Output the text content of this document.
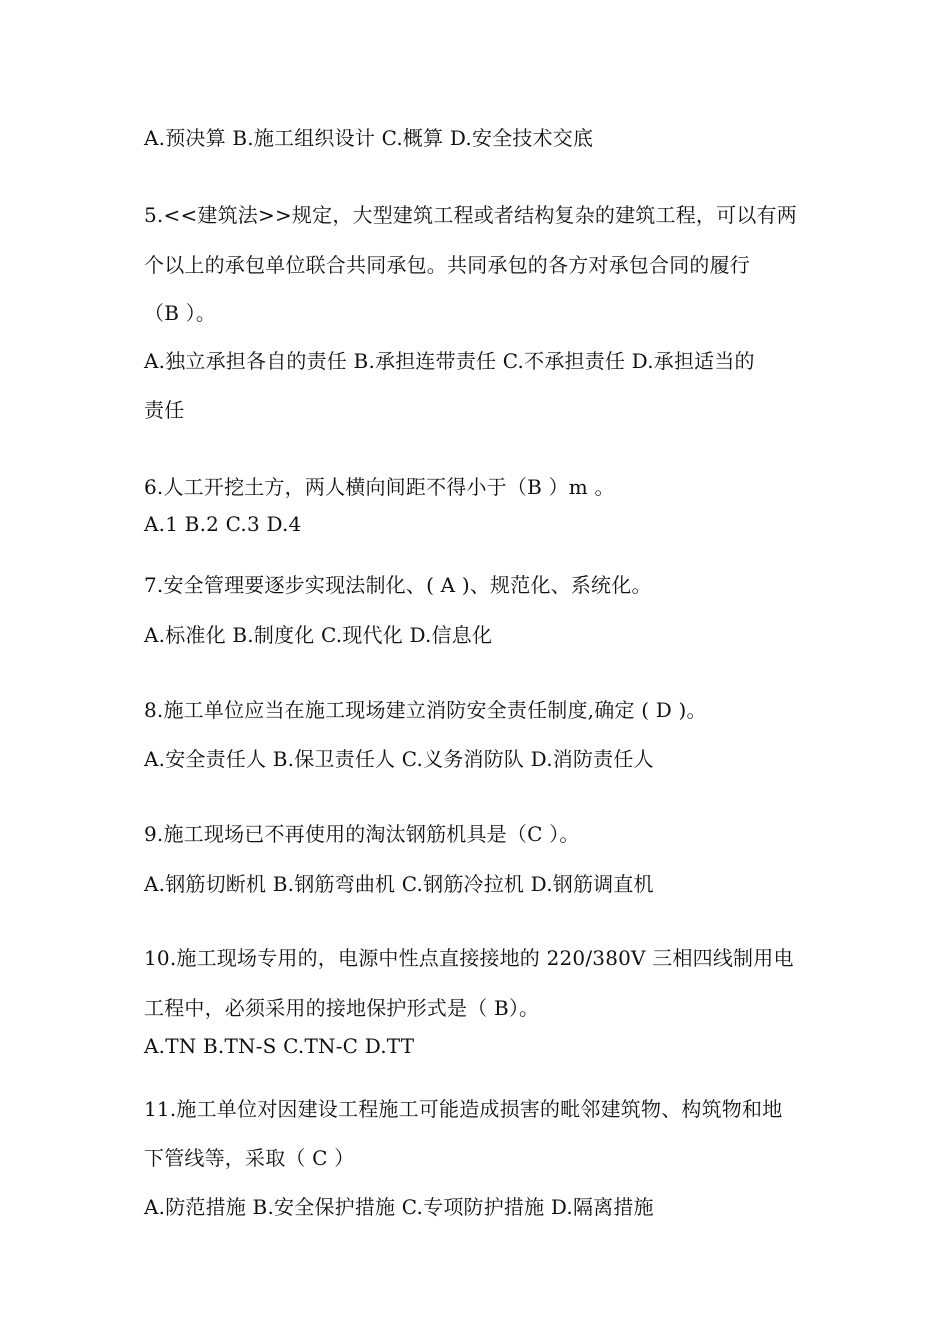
A.预决算 B.施工组织设计 C.概算 D.安全技术交底
5.<<建筑法>>规定，大型建筑工程或者结构复杂的建筑工程，可以有两
个以上的承包单位联合共同承包。共同承包的各方对承包合同的履行
（B ）。
A.独立承担各自的责任 B.承担连带责任 C.不承担责任 D.承担适当的
责任
6.人工开挖土方，两人横向间距不得小于（B ）m 。
A.1 B.2 C.3 D.4
7.安全管理要逐步实现法制化、( A )、规范化、系统化。
A.标准化 B.制度化 C.现代化 D.信息化
8.施工单位应当在施工现场建立消防安全责任制度,确定 ( D )。
A.安全责任人 B.保卫责任人 C.义务消防队 D.消防责任人
9.施工现场已不再使用的淘汰钢筋机具是（C ）。
A.钢筋切断机 B.钢筋弯曲机 C.钢筋冷拉机 D.钢筋调直机
10.施工现场专用的，电源中性点直接接地的 220/380V 三相四线制用电
工程中，必须采用的接地保护形式是（ B）。
A.TN B.TN-S C.TN-C D.TT
11.施工单位对因建设工程施工可能造成损害的毗邻建筑物、构筑物和地
下管线等，采取（ C ）
A.防范措施 B.安全保护措施 C.专项防护措施 D.隔离措施
